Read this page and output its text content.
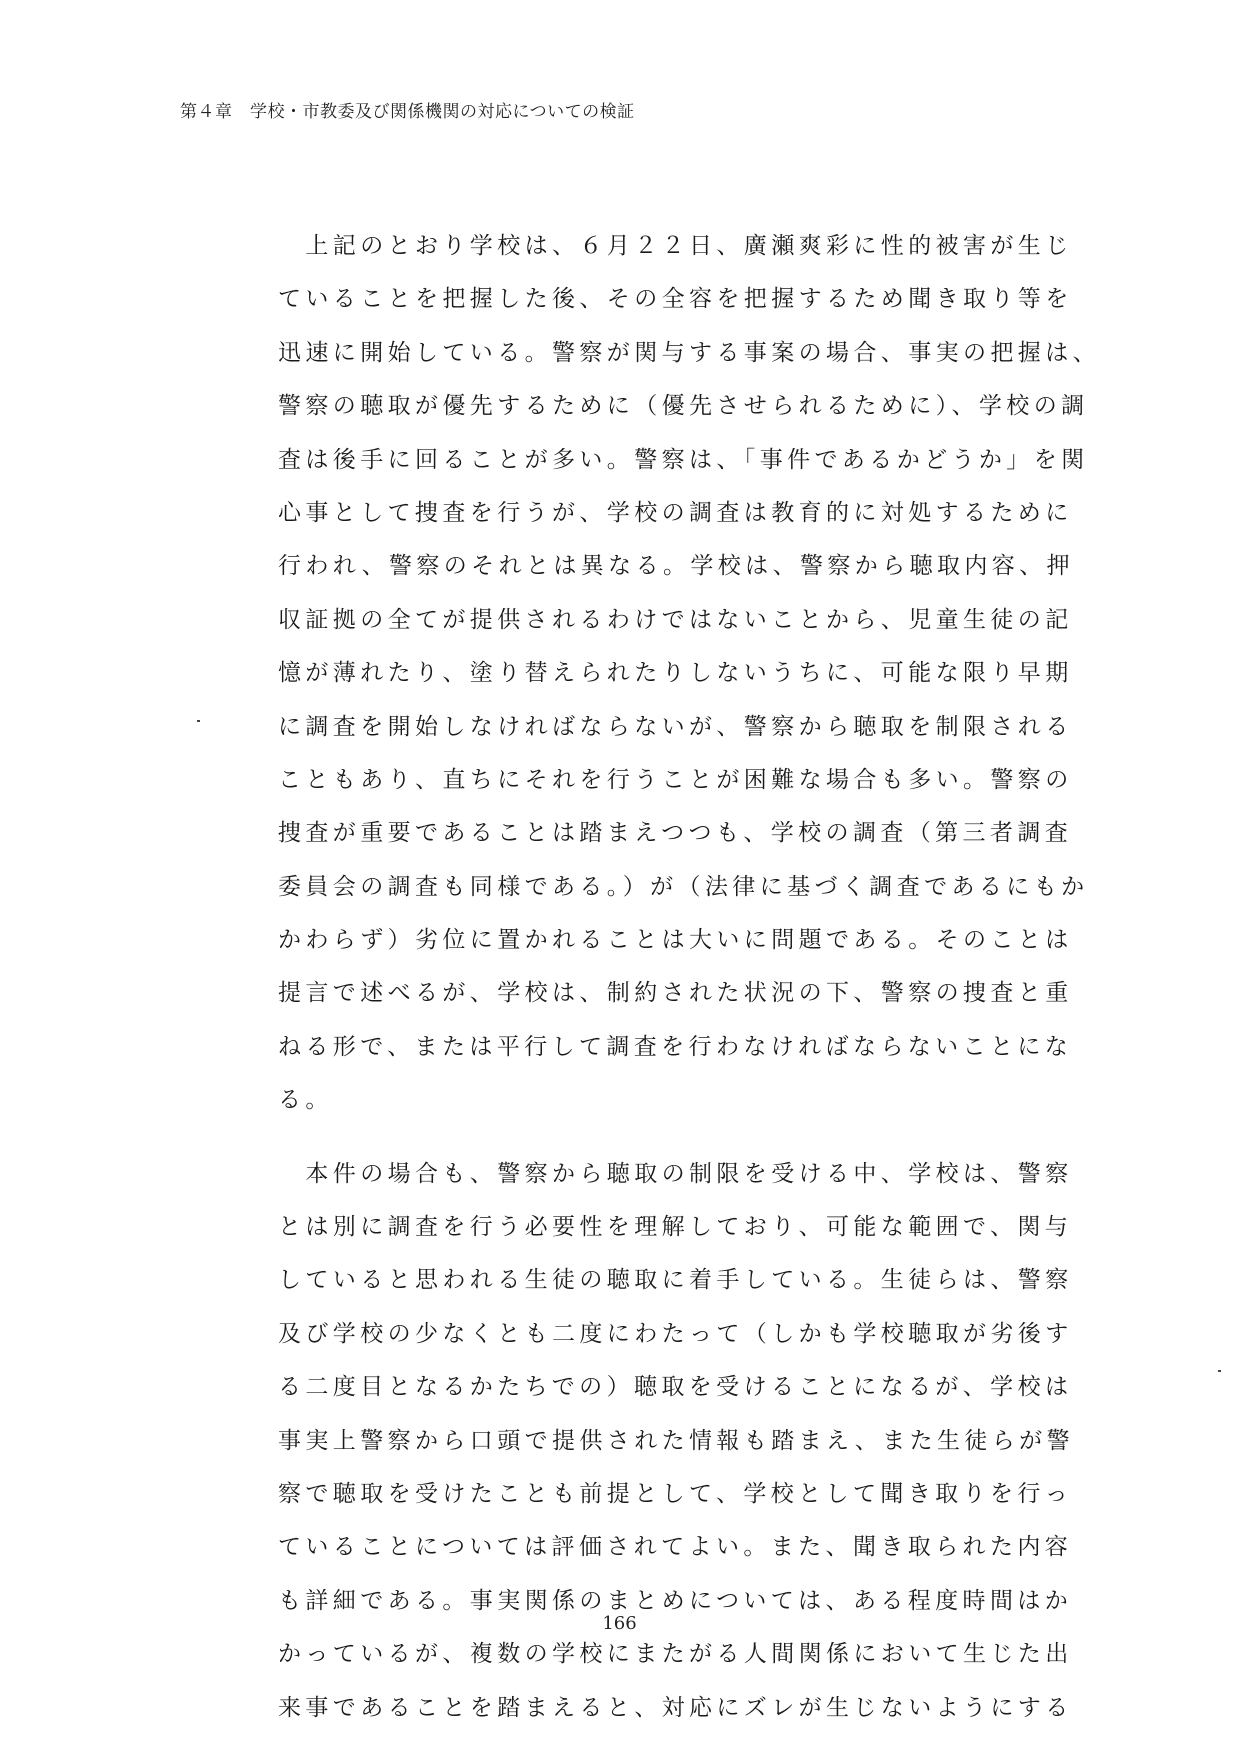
第４章　学校・市教委及び関係機関の対応についての検証
　上記のとおり学校は、６月２２日、廣瀬爽彩に性的被害が生じ
ていることを把握した後、その全容を把握するため聞き取り等を
迅速に開始している。警察が関与する事案の場合、事実の把握は、
警察の聴取が優先するために（優先させられるために）、学校の調
査は後手に回ることが多い。警察は、「事件であるかどうか」を関
心事として捜査を行うが、学校の調査は教育的に対処するために
行われ、警察のそれとは異なる。学校は、警察から聴取内容、押
収証拠の全てが提供されるわけではないことから、児童生徒の記
憶が薄れたり、塗り替えられたりしないうちに、可能な限り早期
に調査を開始しなければならないが、警察から聴取を制限される
こともあり、直ちにそれを行うことが困難な場合も多い。警察の
捜査が重要であることは踏まえつつも、学校の調査（第三者調査
委員会の調査も同様である。）が（法律に基づく調査であるにもか
かわらず）劣位に置かれることは大いに問題である。そのことは
提言で述べるが、学校は、制約された状況の下、警察の捜査と重
ねる形で、または平行して調査を行わなければならないことにな
る。
　本件の場合も、警察から聴取の制限を受ける中、学校は、警察
とは別に調査を行う必要性を理解しており、可能な範囲で、関与
していると思われる生徒の聴取に着手している。生徒らは、警察
及び学校の少なくとも二度にわたって（しかも学校聴取が劣後す
る二度目となるかたちでの）聴取を受けることになるが、学校は
事実上警察から口頭で提供された情報も踏まえ、また生徒らが警
察で聴取を受けたことも前提として、学校として聞き取りを行っ
ていることについては評価されてよい。また、聞き取られた内容
も詳細である。事実関係のまとめについては、ある程度時間はか
かっているが、複数の学校にまたがる人間関係において生じた出
来事であることを踏まえると、対応にズレが生じないようにする
166
